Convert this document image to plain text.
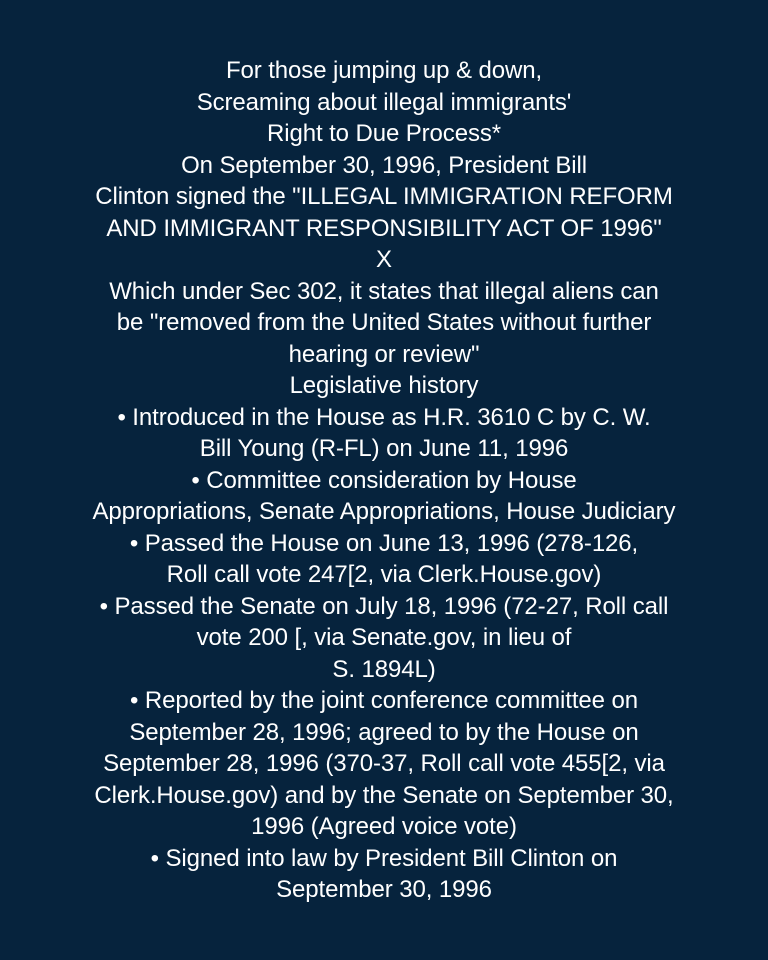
For those jumping up & down,
Screaming about illegal immigrants'
Right to Due Process*
On September 30, 1996, President Bill
Clinton signed the "ILLEGAL IMMIGRATION REFORM
AND IMMIGRANT RESPONSIBILITY ACT OF 1996"
X
Which under Sec 302, it states that illegal aliens can
be "removed from the United States without further
hearing or review"
Legislative history
• Introduced in the House as H.R. 3610 C by C. W.
Bill Young (R-FL) on June 11, 1996
• Committee consideration by House
Appropriations, Senate Appropriations, House Judiciary
• Passed the House on June 13, 1996 (278-126,
Roll call vote 247[2, via Clerk.House.gov)
• Passed the Senate on July 18, 1996 (72-27, Roll call
vote 200 [, via Senate.gov, in lieu of
S. 1894L)
• Reported by the joint conference committee on
September 28, 1996; agreed to by the House on
September 28, 1996 (370-37, Roll call vote 455[2, via
Clerk.House.gov) and by the Senate on September 30,
1996 (Agreed voice vote)
• Signed into law by President Bill Clinton on
September 30, 1996
